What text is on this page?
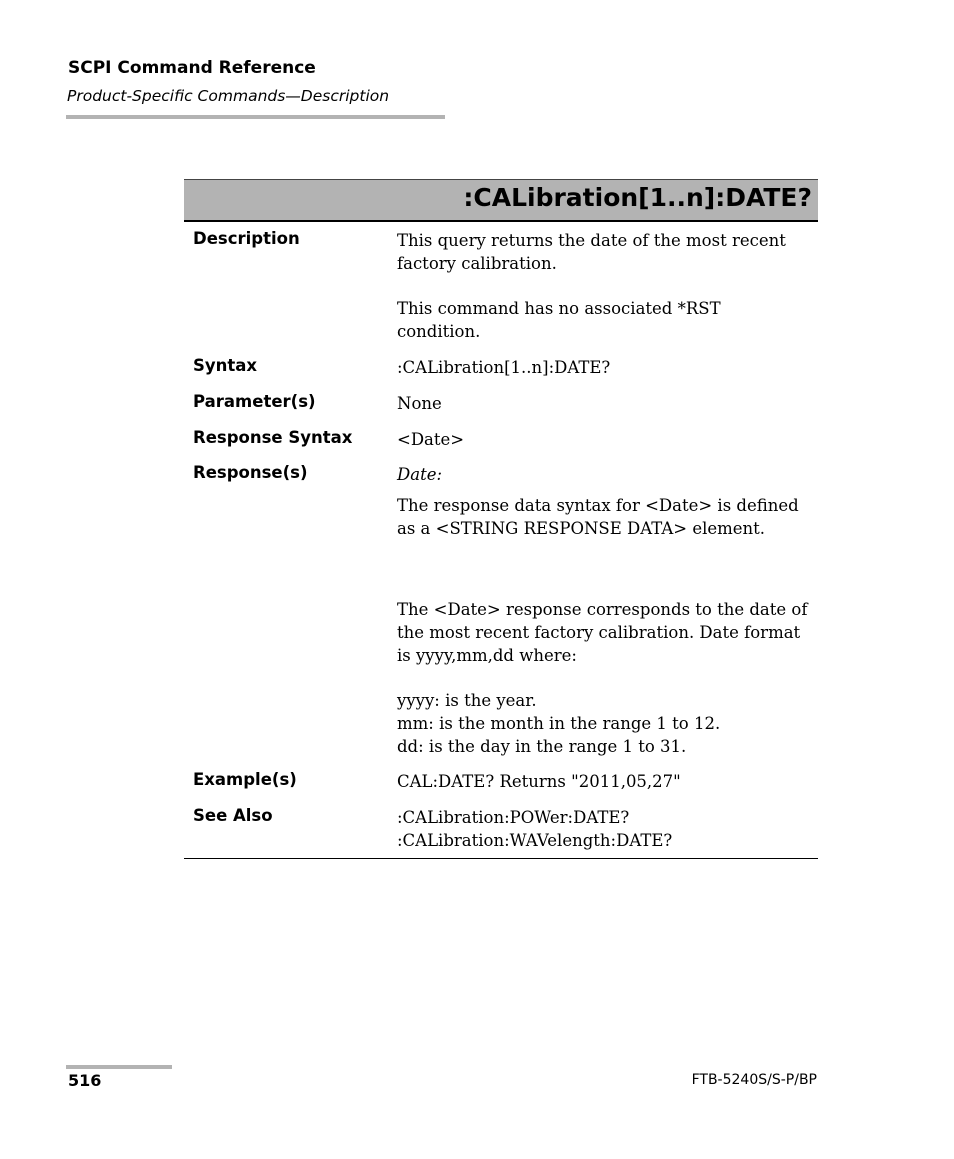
SCPI Command Reference
Product-Specific Commands—Description
:CALibration[1..n]:DATE?
Description	This query returns the date of the most recent
factory calibration.
This command has no associated *RST
condition.
Syntax	:CALibration[1..n]:DATE?
Parameter(s)	None
Response Syntax	<Date>
Response(s)	Date:
The response data syntax for <Date> is defined
as a <STRING RESPONSE DATA> element.
The <Date> response corresponds to the date of
the most recent factory calibration. Date format
is yyyy,mm,dd where:
yyyy: is the year.
mm: is the month in the range 1 to 12.
dd: is the day in the range 1 to 31.
Example(s)	CAL:DATE? Returns "2011,05,27"
See Also	:CALibration:POWer:DATE?
:CALibration:WAVelength:DATE?
516	FTB-5240S/S-P/BP
